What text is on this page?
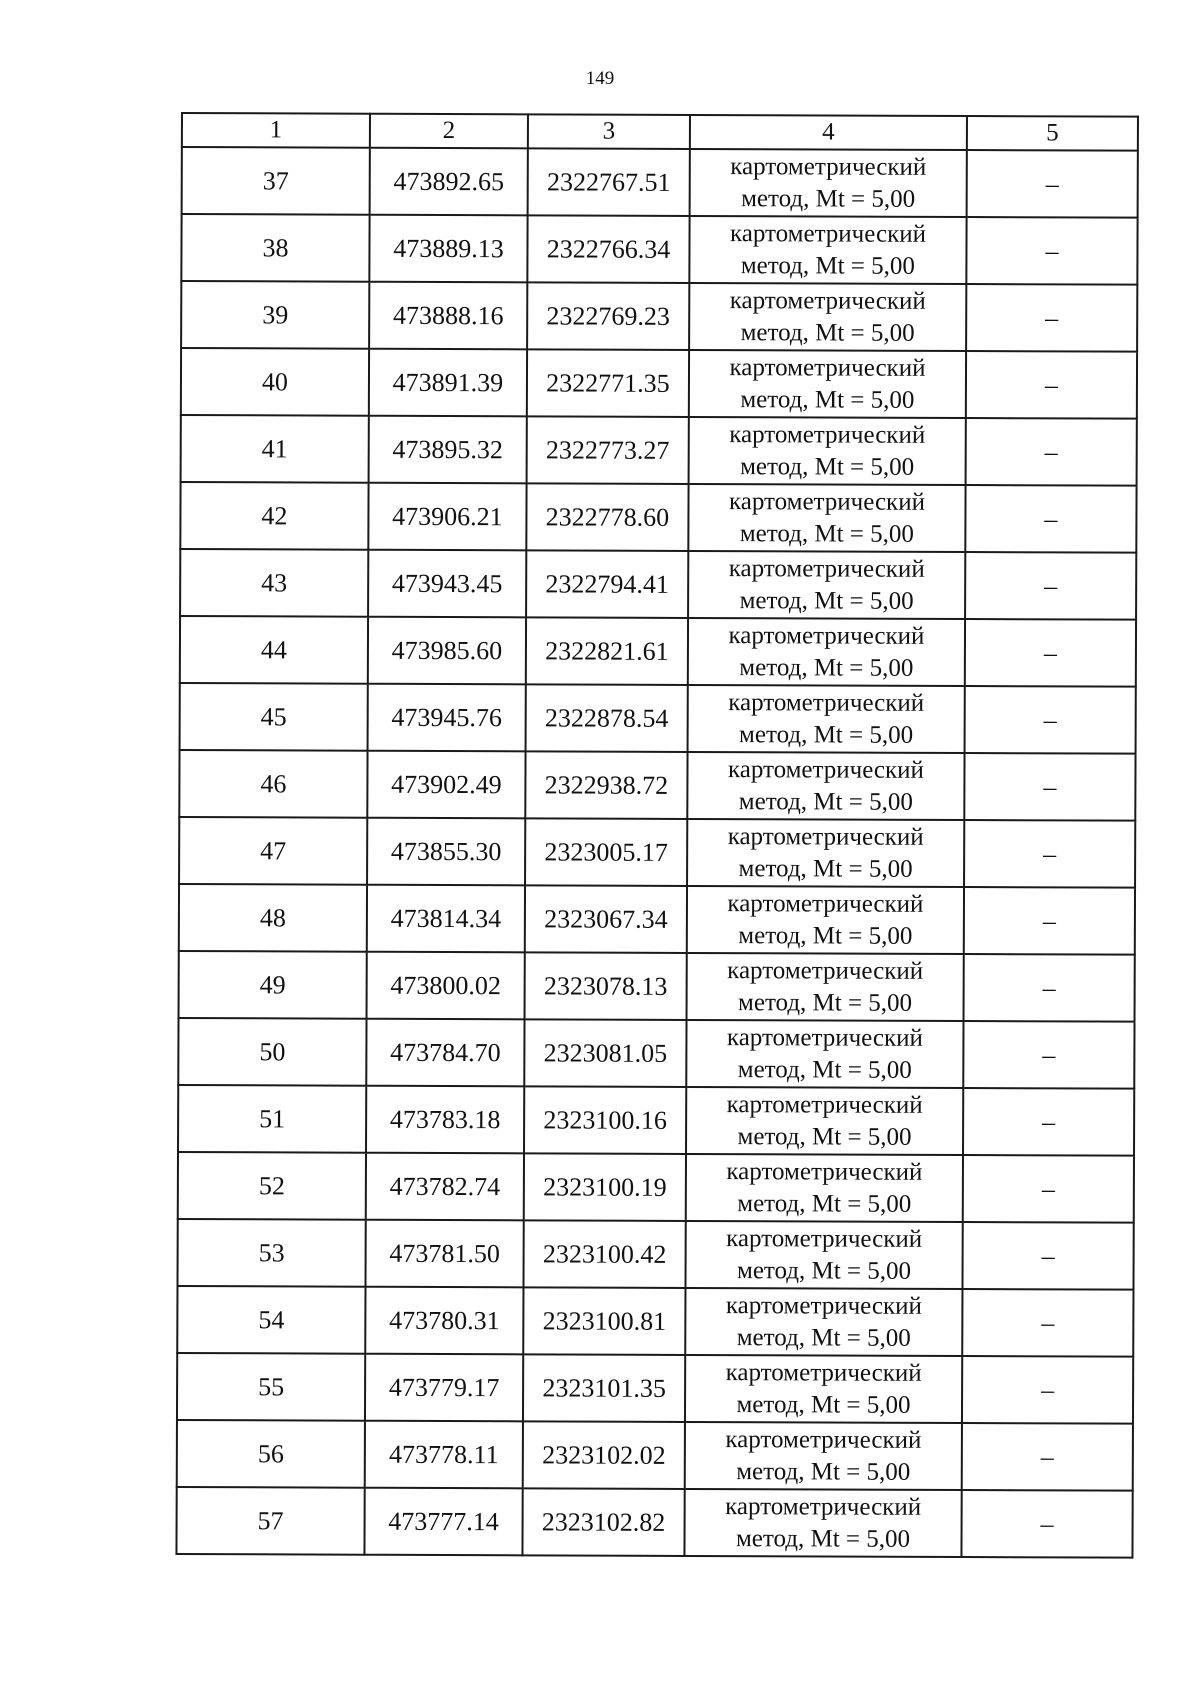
149
1	2	3	4	5
37	473892.65	2322767.51	картометрический
метод, Mt = 5,00	–
38	473889.13	2322766.34	картометрический
метод, Mt = 5,00	–
39	473888.16	2322769.23	картометрический
метод, Mt = 5,00	–
40	473891.39	2322771.35	картометрический
метод, Mt = 5,00	–
41	473895.32	2322773.27	картометрический
метод, Mt = 5,00	–
42	473906.21	2322778.60	картометрический
метод, Mt = 5,00	–
43	473943.45	2322794.41	картометрический
метод, Mt = 5,00	–
44	473985.60	2322821.61	картометрический
метод, Mt = 5,00	–
45	473945.76	2322878.54	картометрический
метод, Mt = 5,00	–
46	473902.49	2322938.72	картометрический
метод, Mt = 5,00	–
47	473855.30	2323005.17	картометрический
метод, Mt = 5,00	–
48	473814.34	2323067.34	картометрический
метод, Mt = 5,00	–
49	473800.02	2323078.13	картометрический
метод, Mt = 5,00	–
50	473784.70	2323081.05	картометрический
метод, Mt = 5,00	–
51	473783.18	2323100.16	картометрический
метод, Mt = 5,00	–
52	473782.74	2323100.19	картометрический
метод, Mt = 5,00	–
53	473781.50	2323100.42	картометрический
метод, Mt = 5,00	–
54	473780.31	2323100.81	картометрический
метод, Mt = 5,00	–
55	473779.17	2323101.35	картометрический
метод, Mt = 5,00	–
56	473778.11	2323102.02	картометрический
метод, Mt = 5,00	–
57	473777.14	2323102.82	картометрический
метод, Mt = 5,00	–
